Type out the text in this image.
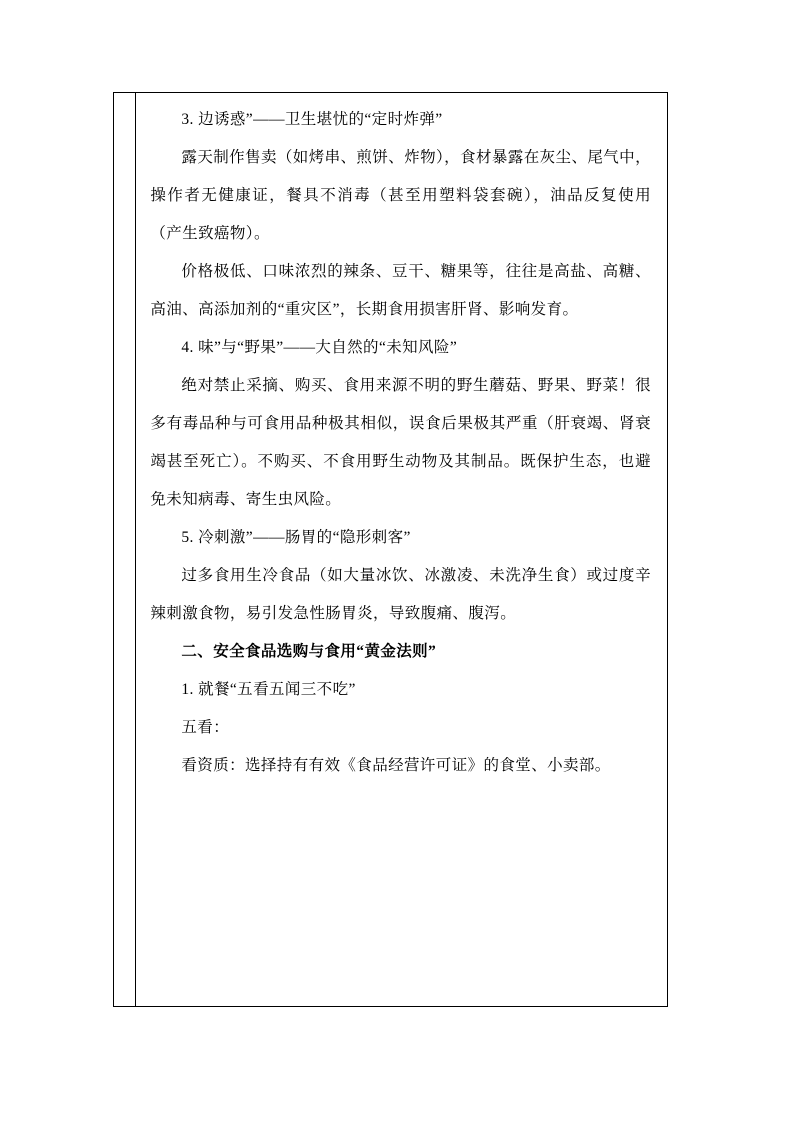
3. 边诱惑”——卫生堪忧的“定时炸弹”

露天制作售卖（如烤串、煎饼、炸物），食材暴露在灰尘、尾气中，操作者无健康证，餐具不消毒（甚至用塑料袋套碗），油品反复使用（产生致癌物）。

价格极低、口味浓烈的辣条、豆干、糖果等，往往是高盐、高糖、高油、高添加剂的“重灾区”，长期食用损害肝肾、影响发育。

4. 味”与“野果”——大自然的“未知风险”

绝对禁止采摘、购买、食用来源不明的野生蘑菇、野果、野菜！很多有毒品种与可食用品种极其相似，误食后果极其严重（肝衰竭、肾衰竭甚至死亡）。不购买、不食用野生动物及其制品。既保护生态，也避免未知病毒、寄生虫风险。

5. 冷刺激”——肠胃的“隐形刺客”

过多食用生冷食品（如大量冰饮、冰激凌、未洗净生食）或过度辛辣刺激食物，易引发急性肠胃炎，导致腹痛、腹泻。

二、安全食品选购与食用“黄金法则”

1. 就餐“五看五闻三不吃”

五看：

看资质：选择持有有效《食品经营许可证》的食堂、小卖部。
